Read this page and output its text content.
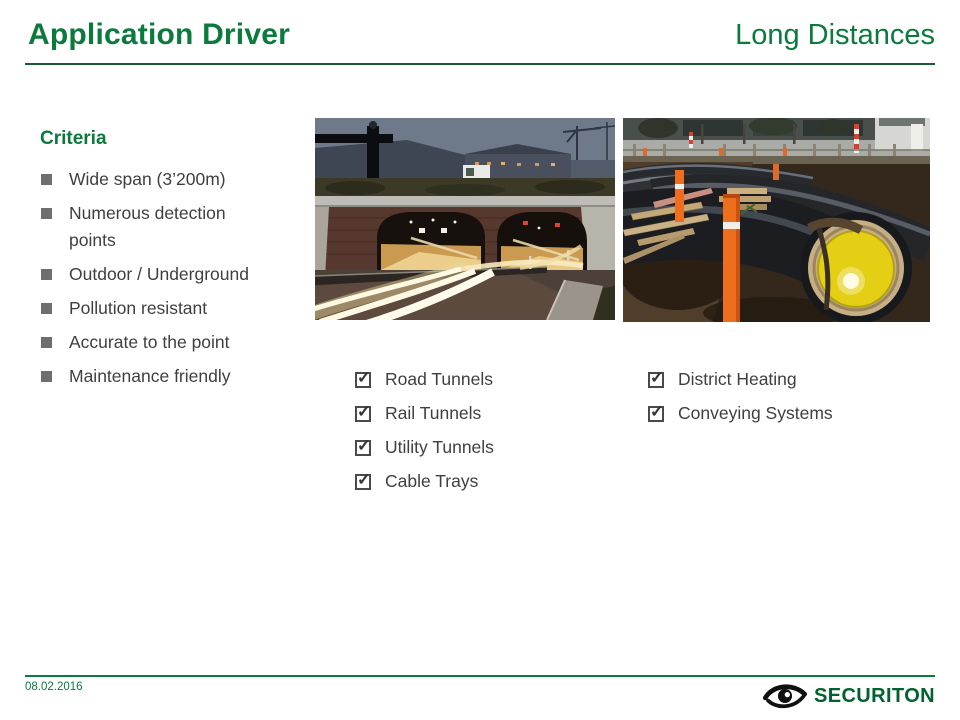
Application Driver	Long Distances
Criteria
Wide span (3’200m)
Numerous detection points
Outdoor / Underground
Pollution resistant
Accurate to the point
Maintenance friendly	✓ Road Tunnels
✓ Rail Tunnels
✓ Utility Tunnels
✓ Cable Trays
✓ District Heating
✓ Conveying Systems
08.02.2016	SECURITON
